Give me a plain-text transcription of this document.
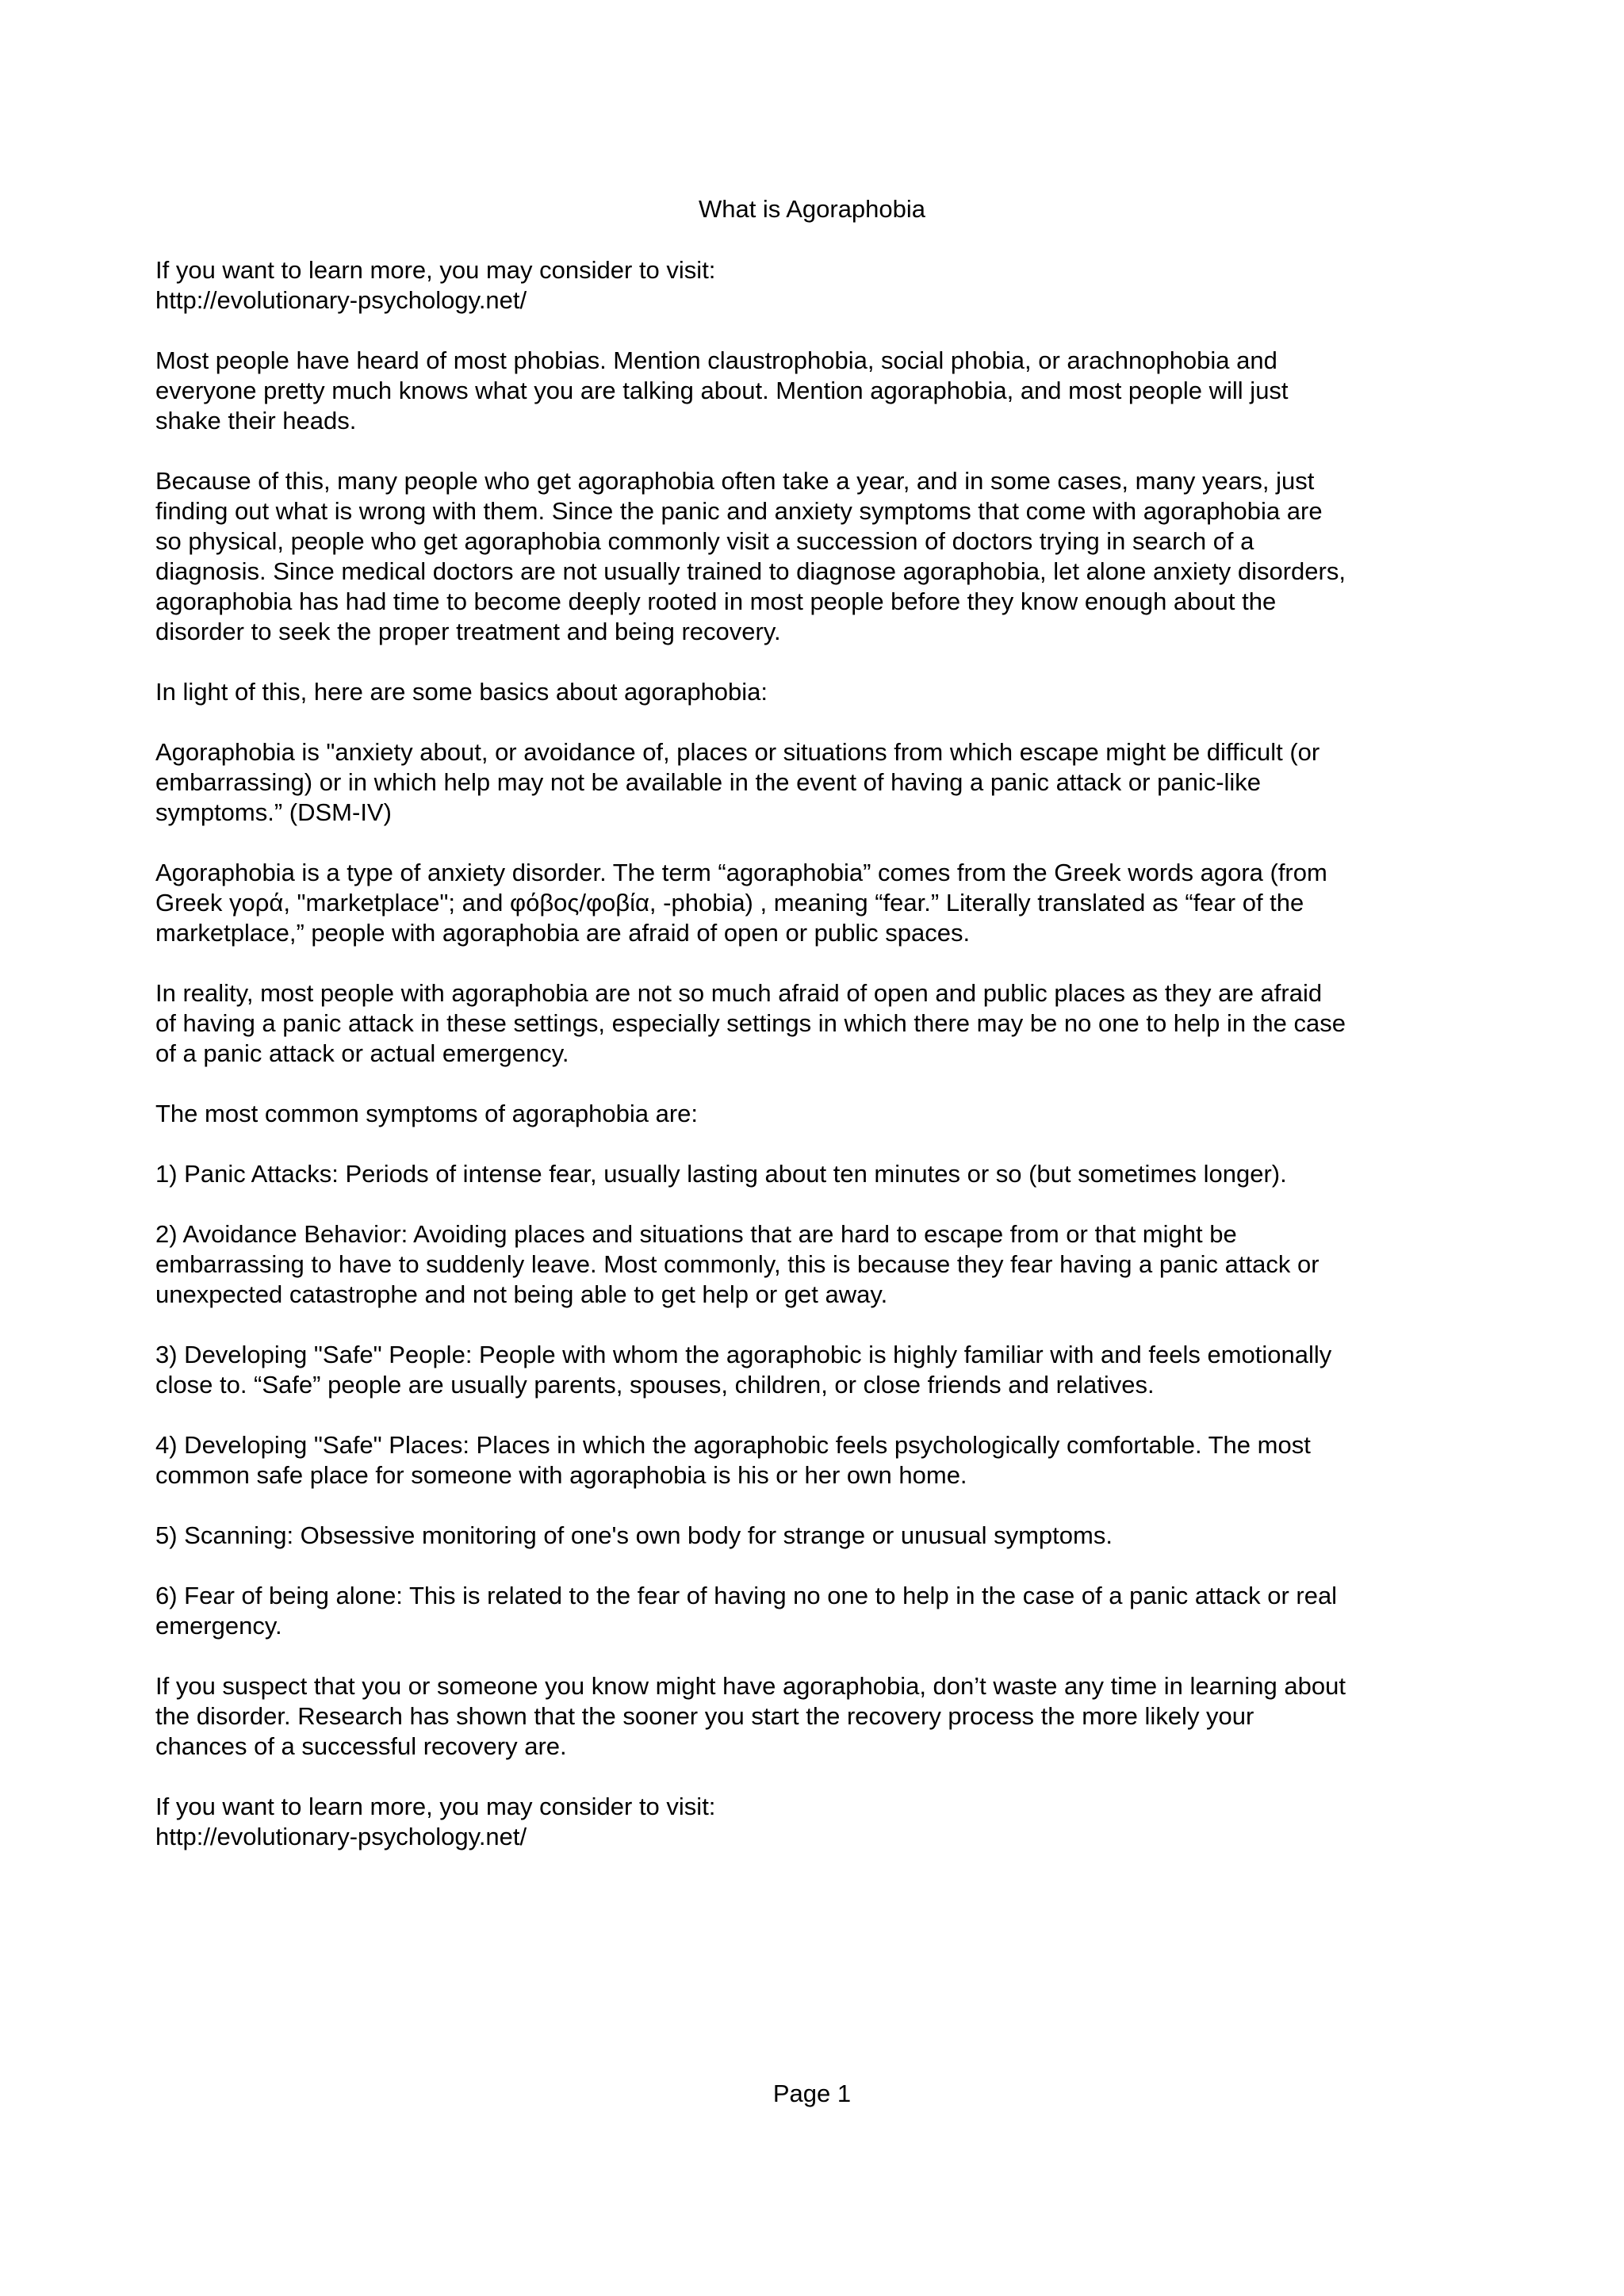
What is Agoraphobia

If you want to learn more, you may consider to visit:
http://evolutionary-psychology.net/

Most people have heard of most phobias. Mention claustrophobia, social phobia, or arachnophobia and
everyone pretty much knows what you are talking about. Mention agoraphobia, and most people will just
shake their heads.

Because of this, many people who get agoraphobia often take a year, and in some cases, many years, just
finding out what is wrong with them. Since the panic and anxiety symptoms that come with agoraphobia are
so physical, people who get agoraphobia commonly visit a succession of doctors trying in search of a
diagnosis. Since medical doctors are not usually trained to diagnose agoraphobia, let alone anxiety disorders,
agoraphobia has had time to become deeply rooted in most people before they know enough about the
disorder to seek the proper treatment and being recovery.

In light of this, here are some basics about agoraphobia:

Agoraphobia is "anxiety about, or avoidance of, places or situations from which escape might be difficult (or
embarrassing) or in which help may not be available in the event of having a panic attack or panic-like
symptoms.” (DSM-IV)

Agoraphobia is a type of anxiety disorder. The term “agoraphobia” comes from the Greek words agora (from
Greek γορά, "marketplace"; and φόβος/φοβία, -phobia) , meaning “fear.” Literally translated as “fear of the
marketplace,” people with agoraphobia are afraid of open or public spaces.

In reality, most people with agoraphobia are not so much afraid of open and public places as they are afraid
of having a panic attack in these settings, especially settings in which there may be no one to help in the case
of a panic attack or actual emergency.

The most common symptoms of agoraphobia are:

1) Panic Attacks: Periods of intense fear, usually lasting about ten minutes or so (but sometimes longer).

2) Avoidance Behavior: Avoiding places and situations that are hard to escape from or that might be
embarrassing to have to suddenly leave. Most commonly, this is because they fear having a panic attack or
unexpected catastrophe and not being able to get help or get away.

3) Developing "Safe" People: People with whom the agoraphobic is highly familiar with and feels emotionally
close to. “Safe” people are usually parents, spouses, children, or close friends and relatives.

4) Developing "Safe" Places: Places in which the agoraphobic feels psychologically comfortable. The most
common safe place for someone with agoraphobia is his or her own home.

5) Scanning: Obsessive monitoring of one's own body for strange or unusual symptoms.

6) Fear of being alone: This is related to the fear of having no one to help in the case of a panic attack or real
emergency.

If you suspect that you or someone you know might have agoraphobia, don’t waste any time in learning about
the disorder. Research has shown that the sooner you start the recovery process the more likely your
chances of a successful recovery are.

If you want to learn more, you may consider to visit:
http://evolutionary-psychology.net/

Page 1
